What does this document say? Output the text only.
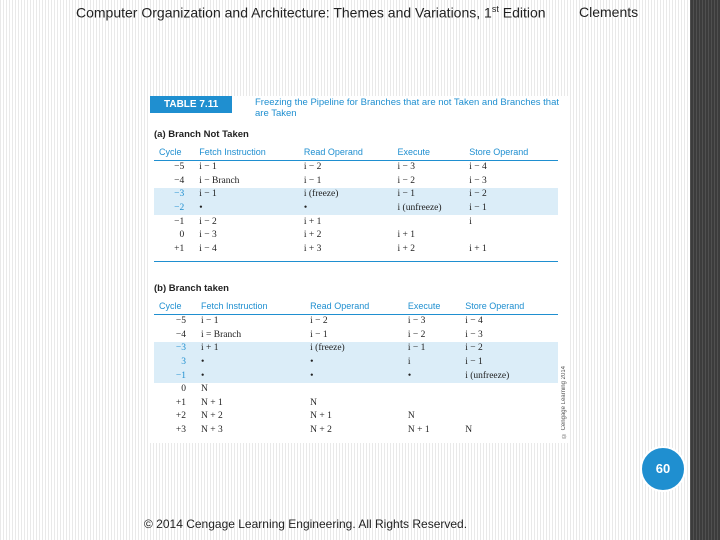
Computer Organization and Architecture: Themes and Variations, 1st Edition Clements
TABLE 7.11	Freezing the Pipeline for Branches that are not Taken and Branches that are Taken
(a) Branch Not Taken
Cycle	Fetch Instruction	Read Operand	Execute	Store Operand
−5	i − 1	i − 2	i − 3	i − 4
−4	i − Branch	i − 1	i − 2	i − 3
−3	i − 1	i (freeze)	i − 1	i − 2
−2	•	•	i (unfreeze)	i − 1
−1	i − 2	i + 1		i
0	i − 3	i + 2	i + 1	
+1	i − 4	i + 3	i + 2	i + 1
(b) Branch taken
Cycle	Fetch Instruction	Read Operand	Execute	Store Operand
−5	i − 1	i − 2	i − 3	i − 4
−4	i = Branch	i − 1	i − 2	i − 3
−3	i + 1	i (freeze)	i − 1	i − 2
3	•	•	i	i − 1
−1	•	•	•	i (unfreeze)
0	N			
+1	N + 1	N		
+2	N + 2	N + 1	N	
+3	N + 3	N + 2	N + 1	N	© Cengage Learning 2014
60
© 2014 Cengage Learning Engineering. All Rights Reserved.
